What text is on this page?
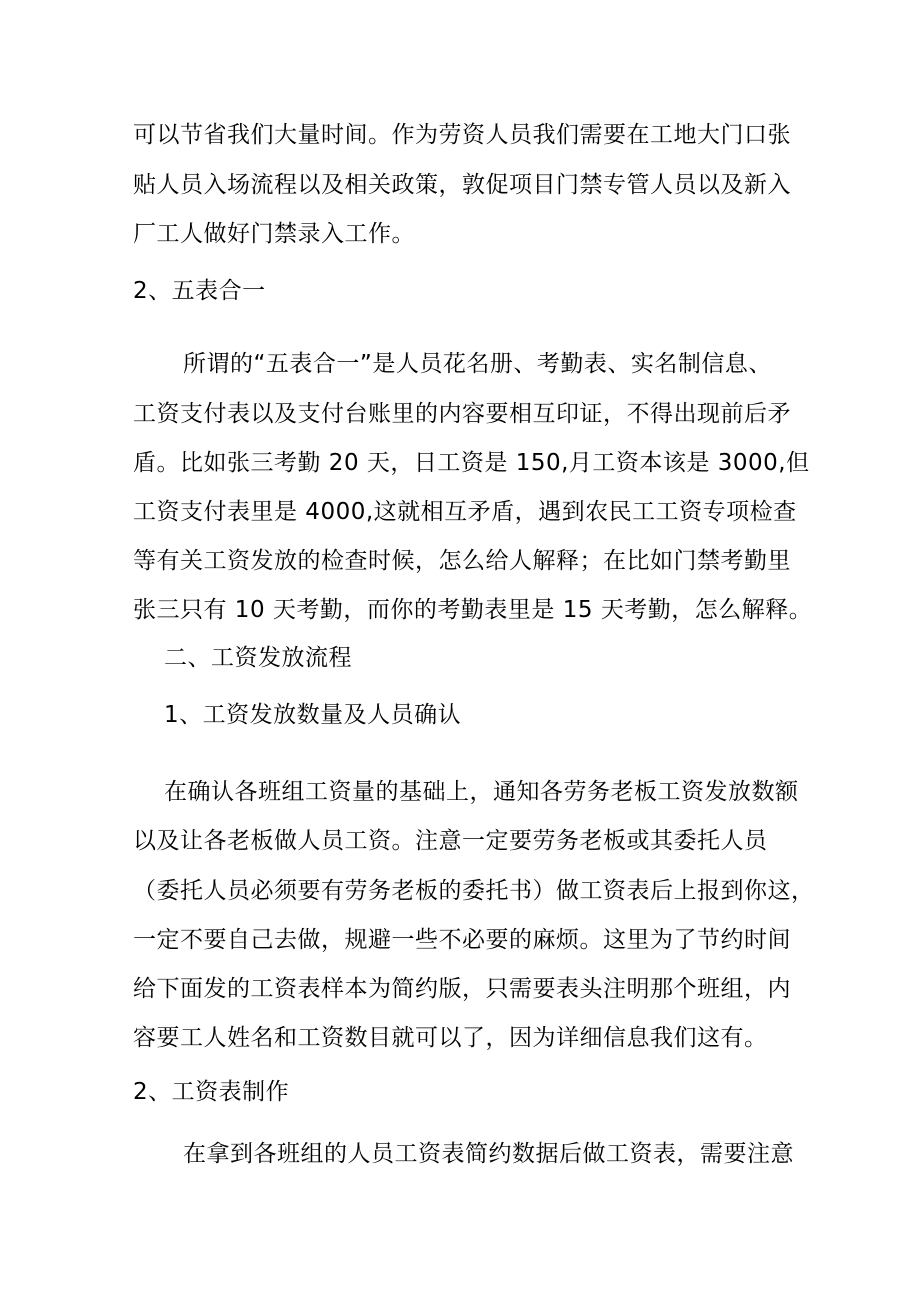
可以节省我们大量时间。作为劳资人员我们需要在工地大门口张
贴人员入场流程以及相关政策，敦促项目门禁专管人员以及新入
厂工人做好门禁录入工作。
2、五表合一
所谓的“五表合一”是人员花名册、考勤表、实名制信息、
工资支付表以及支付台账里的内容要相互印证，不得出现前后矛
盾。比如张三考勤 20 天，日工资是 150,月工资本该是 3000,但
工资支付表里是 4000,这就相互矛盾，遇到农民工工资专项检查
等有关工资发放的检查时候，怎么给人解释；在比如门禁考勤里
张三只有 10 天考勤，而你的考勤表里是 15 天考勤，怎么解释。
二、工资发放流程
1、工资发放数量及人员确认
在确认各班组工资量的基础上，通知各劳务老板工资发放数额
以及让各老板做人员工资。注意一定要劳务老板或其委托人员
（委托人员必须要有劳务老板的委托书）做工资表后上报到你这，
一定不要自己去做，规避一些不必要的麻烦。这里为了节约时间
给下面发的工资表样本为简约版，只需要表头注明那个班组，内
容要工人姓名和工资数目就可以了，因为详细信息我们这有。
2、工资表制作
在拿到各班组的人员工资表简约数据后做工资表，需要注意
